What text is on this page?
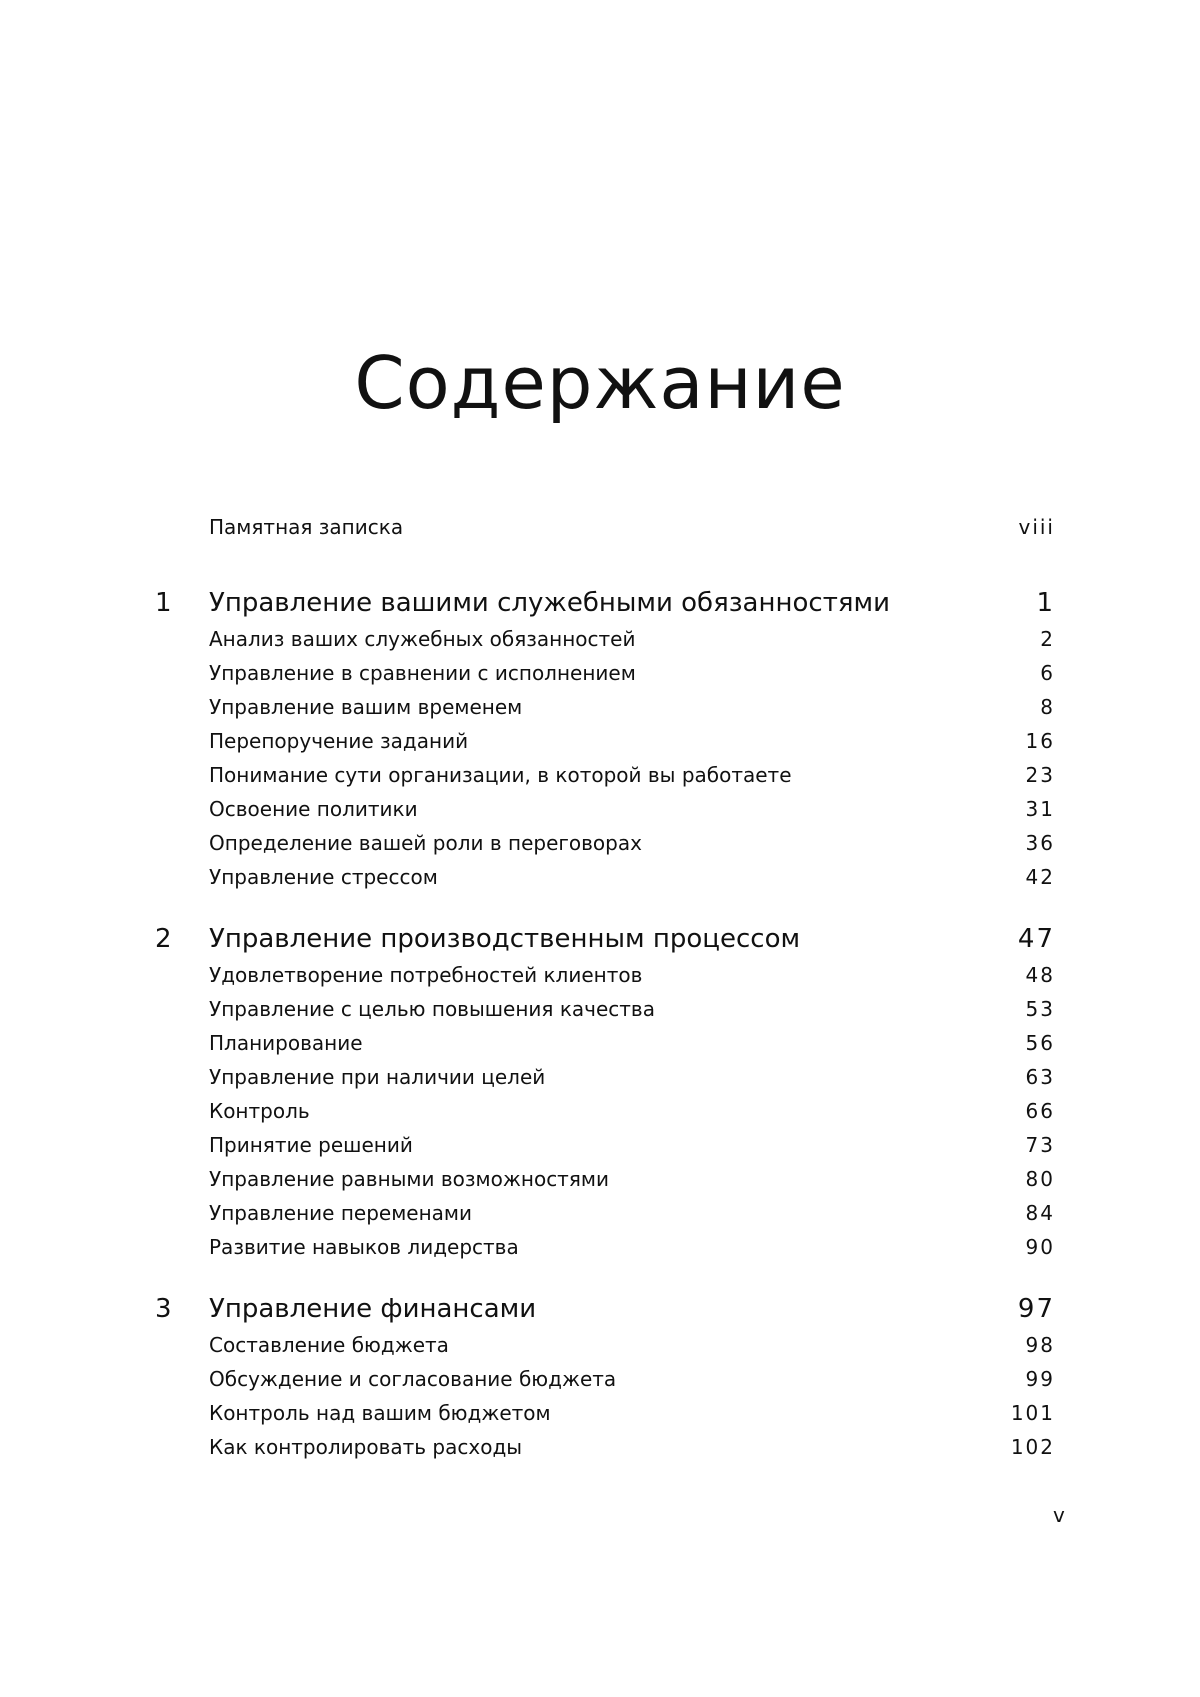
Содержание
Памятная записка	viii
1	Управление вашими служебными обязанностями	1
Анализ ваших служебных обязанностей	2
Управление в сравнении с исполнением	6
Управление вашим временем	8
Перепоручение заданий	16
Понимание сути организации, в которой вы работаете	23
Освоение политики	31
Определение вашей роли в переговорах	36
Управление стрессом	42
2	Управление производственным процессом	47
Удовлетворение потребностей клиентов	48
Управление с целью повышения качества	53
Планирование	56
Управление при наличии целей	63
Контроль	66
Принятие решений	73
Управление равными возможностями	80
Управление переменами	84
Развитие навыков лидерства	90
3	Управление финансами	97
Составление бюджета	98
Обсуждение и согласование бюджета	99
Контроль над вашим бюджетом	101
Как контролировать расходы	102
v
